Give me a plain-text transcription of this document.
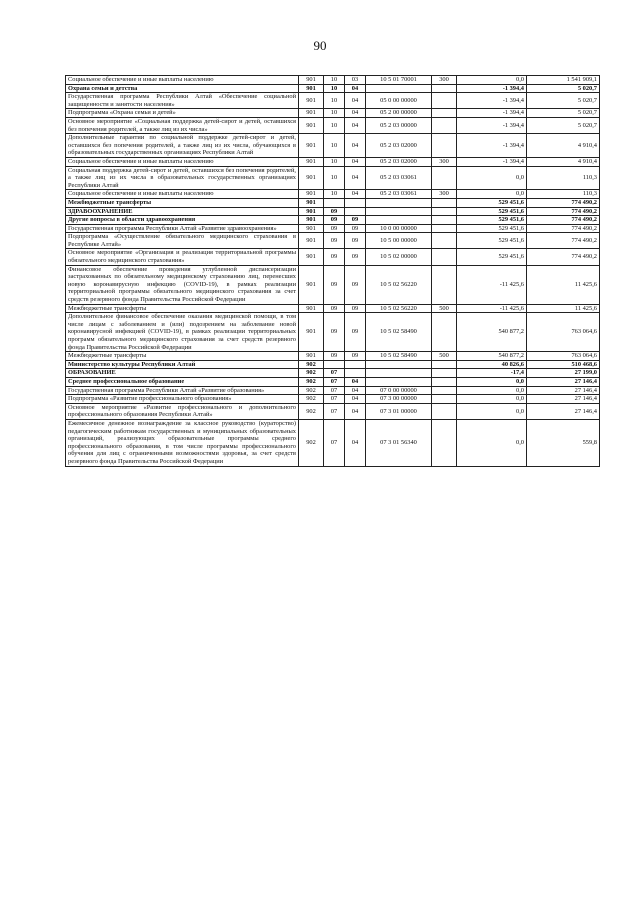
90
Социальное обеспечение и иные выплаты населению	901	10	03	10 5 01 70001	300	0,0	1 541 909,1
Охрана семьи и детства	901	10	04			-1 394,4	5 020,7
Государственная программа Республики Алтай «Обеспечение социальной защищенности и занятости населения»	901	10	04	05 0 00 00000		-1 394,4	5 020,7
Подпрограмма «Охрана семьи и детей»	901	10	04	05 2 00 00000		-1 394,4	5 020,7
Основное мероприятие «Социальная поддержка детей-сирот и детей, оставшихся без попечения родителей, а также лиц из их числа»	901	10	04	05 2 03 00000		-1 394,4	5 020,7
Дополнительные гарантии по социальной поддержке детей-сирот и детей, оставшихся без попечения родителей, а также лиц из их числа, обучающихся в образовательных государственных организациях Республики Алтай	901	10	04	05 2 03 02000		-1 394,4	4 910,4
Социальное обеспечение и иные выплаты населению	901	10	04	05 2 03 02000	300	-1 394,4	4 910,4
Социальная поддержка детей-сирот и детей, оставшихся без попечения родителей, а также лиц из их числа в образовательных государственных организациях Республики Алтай	901	10	04	05 2 03 03061		0,0	110,3
Социальное обеспечение и иные выплаты населению	901	10	04	05 2 03 03061	300	0,0	110,3
Межбюджетные трансферты	901					529 451,6	774 490,2
ЗДРАВООХРАНЕНИЕ	901	09				529 451,6	774 490,2
Другие вопросы в области здравоохранения	901	09	09			529 451,6	774 490,2
Государственная программа Республики Алтай «Развитие здравоохранения»	901	09	09	10 0 00 00000		529 451,6	774 490,2
Подпрограмма «Осуществление обязательного медицинского страхования в Республике Алтай»	901	09	09	10 5 00 00000		529 451,6	774 490,2
Основное мероприятие «Организация и реализация территориальной программы обязательного медицинского страхования»	901	09	09	10 5 02 00000		529 451,6	774 490,2
Финансовое обеспечение проведения углубленной диспансеризации застрахованных по обязательному медицинскому страхованию лиц, перенесших новую коронавирусную инфекцию (COVID-19), в рамках реализации территориальной программы обязательного медицинского страхования за счет средств резервного фонда Правительства Российской Федерации	901	09	09	10 5 02 56220		-11 425,6	11 425,6
Межбюджетные трансферты	901	09	09	10 5 02 56220	500	-11 425,6	11 425,6
Дополнительное финансовое обеспечение оказания медицинской помощи, в том числе лицам с заболеванием и (или) подозрением на заболевание новой коронавирусной инфекцией (COVID-19), в рамках реализации территориальных программ обязательного медицинского страхования за счет средств резервного фонда Правительства Российской Федерации	901	09	09	10 5 02 58490		540 877,2	763 064,6
Межбюджетные трансферты	901	09	09	10 5 02 58490	500	540 877,2	763 064,6
Министерство культуры Республики Алтай	902					40 826,6	510 468,6
ОБРАЗОВАНИЕ	902	07				-17,4	27 199,0
Среднее профессиональное образование	902	07	04			0,0	27 146,4
Государственная программа Республики Алтай «Развитие образования»	902	07	04	07 0 00 00000		0,0	27 146,4
Подпрограмма «Развитие профессионального образования»	902	07	04	07 3 00 00000		0,0	27 146,4
Основное мероприятие «Развитие профессионального и дополнительного профессионального образования Республики Алтай»	902	07	04	07 3 01 00000		0,0	27 146,4
Ежемесячное денежное вознаграждение за классное руководство (кураторство) педагогическим работникам государственных и муниципальных образовательных организаций, реализующих образовательные программы среднего профессионального образования, в том числе программы профессионального обучения для лиц с ограниченными возможностями здоровья, за счет средств резервного фонда Правительства Российской Федерации	902	07	04	07 3 01 56340		0,0	559,8
